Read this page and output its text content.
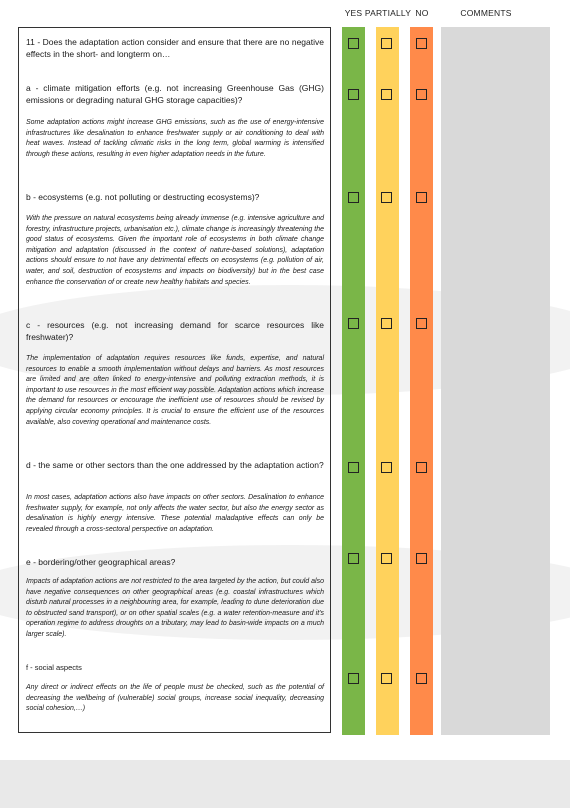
YES PARTIALLY NO	COMMENTS
11 - Does the adaptation action consider and ensure that there are no negative effects in the short- and longterm on…
a - climate mitigation efforts (e.g. not increasing Greenhouse Gas (GHG) emissions or degrading natural GHG storage capacities)?
Some adaptation actions might increase GHG emissions, such as the use of energy-intensive infrastructures like desalination to enhance freshwater supply or air conditioning to deal with heat waves. Instead of tackling climatic risks in the long term, global warming is intensified through these actions, resulting in even higher adaptation needs in the future.
b - ecosystems (e.g. not polluting or destructing ecosystems)?
With the pressure on natural ecosystems being already immense (e.g. intensive agriculture and forestry, infrastructure projects, urbanisation etc.), climate change is increasingly threatening the good status of ecosystems. Given the important role of ecosystems in both climate change mitigation and adaptation (discussed in the context of nature-based solutions), adaptation actions should ensure to not have any detrimental effects on ecosystems (e.g. pollution of air, water, and soil, destruction of ecosystems and impacts on biodiversity) but in the best case enhance the conservation of or create new healthy habitats and species.
c - resources (e.g. not increasing demand for scarce resources like freshwater)?
The implementation of adaptation requires resources like funds, expertise, and natural resources to enable a smooth implementation without delays and barriers. As most resources are limited and are often linked to energy-intensive and polluting extraction methods, it is important to use resources in the most efficient way possible. Adaptation actions which increase the demand for resources or encourage the inefficient use of resources should be revised by applying circular economy principles. It is crucial to ensure the efficient use of the resources available, also covering operational and maintenance costs.
d - the same or other sectors than the one addressed by the adaptation action?
In most cases, adaptation actions also have impacts on other sectors. Desalination to enhance freshwater supply, for example, not only affects the water sector, but also the energy sector as desalination is highly energy intensive. These potential maladaptive effects can only be revealed through a cross-sectoral perspective on adaptation.
e - bordering/other geographical areas?
Impacts of adaptation actions are not restricted to the area targeted by the action, but could also have negative consequences on other geographical areas (e.g. coastal infrastructures which disturb natural processes in a neighbouring area, for example, leading to dune deterioration due to obstructed sand transport), or on other spatial scales (e.g. a water retention-measure and it's operation regime to address droughts on a tributary, may lead to basin-wide impacts on a much larger scale).
f - social aspects
Any direct or indirect effects on the life of people must be checked, such as the potential of decreasing the wellbeing of (vulnerable) social groups, increase social inequality, decreasing social cohesion,…)
